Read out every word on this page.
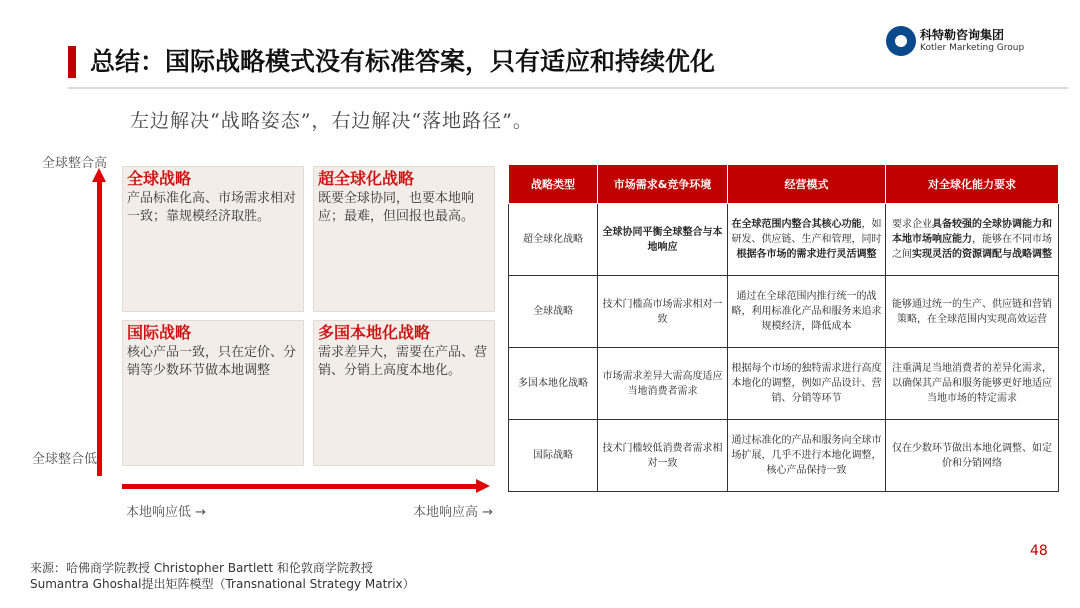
总结：国际战略模式没有标准答案，只有适应和持续优化
科特勒咨询集团
Kotler Marketing Group
左边解决“战略姿态”，右边解决“落地路径”。
全球整合高
全球整合低
本地响应低 →	本地响应高 →
全球战略
产品标准化高、市场需求相对一致；靠规模经济取胜。
超全球化战略
既要全球协同，也要本地响应；最难，但回报也最高。
国际战略
核心产品一致，只在定价、分销等少数环节做本地调整
多国本地化战略
需求差异大，需要在产品、营销、分销上高度本地化。
战略类型	市场需求&竞争环境	经营模式	对全球化能力要求
超全球化战略	全球协同平衡全球整合与本地响应	在全球范围内整合其核心功能，如研发、供应链、生产和管理，同时根据各市场的需求进行灵活调整	要求企业具备较强的全球协调能力和本地市场响应能力，能够在不同市场之间实现灵活的资源调配与战略调整
全球战略	技术门槛高市场需求相对一致	通过在全球范围内推行统一的战略，利用标准化产品和服务来追求规模经济，降低成本	能够通过统一的生产、供应链和营销策略，在全球范围内实现高效运营
多国本地化战略	市场需求差异大需高度适应当地消费者需求	根据每个市场的独特需求进行高度本地化的调整，例如产品设计、营销、分销等环节	注重满足当地消费者的差异化需求，以确保其产品和服务能够更好地适应当地市场的特定需求
国际战略	技术门槛较低消费者需求相对一致	通过标准化的产品和服务向全球市场扩展，几乎不进行本地化调整，核心产品保持一致	仅在少数环节做出本地化调整、如定价和分销网络
48
来源：哈佛商学院教授 Christopher Bartlett 和伦敦商学院教授
Sumantra Ghoshal提出矩阵模型（Transnational Strategy Matrix）
